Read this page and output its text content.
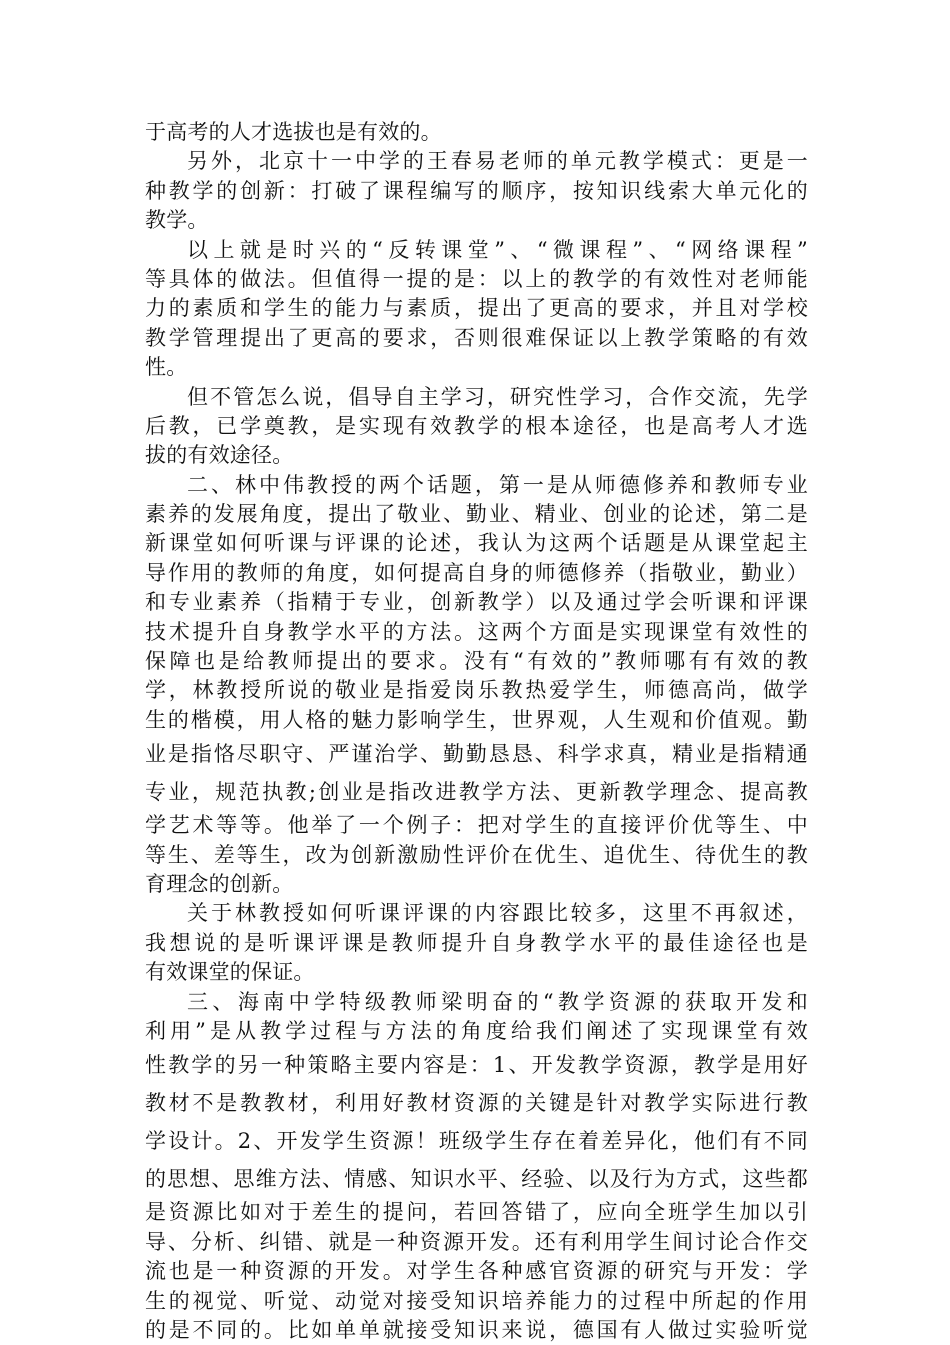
于高考的人才选拔也是有效的。
另外，北京十一中学的王春易老师的单元教学模式：更是一
种教学的创新：打破了课程编写的顺序，按知识线索大单元化的
教学。
以上就是时兴的“反转课堂”、“微课程”、“网络课程”
等具体的做法。但值得一提的是：以上的教学的有效性对老师能
力的素质和学生的能力与素质，提出了更高的要求，并且对学校
教学管理提出了更高的要求，否则很难保证以上教学策略的有效
性。
但不管怎么说，倡导自主学习，研究性学习，合作交流，先学
后教，已学奠教，是实现有效教学的根本途径，也是高考人才选
拔的有效途径。
二、林中伟教授的两个话题，第一是从师德修养和教师专业
素养的发展角度，提出了敬业、勤业、精业、创业的论述，第二是
新课堂如何听课与评课的论述，我认为这两个话题是从课堂起主
导作用的教师的角度，如何提高自身的师德修养（指敬业，勤业）
和专业素养（指精于专业，创新教学）以及通过学会听课和评课
技术提升自身教学水平的方法。这两个方面是实现课堂有效性的
保障也是给教师提出的要求。没有“有效的”教师哪有有效的教
学，林教授所说的敬业是指爱岗乐教热爱学生，师德高尚，做学
生的楷模，用人格的魅力影响学生，世界观，人生观和价值观。勤
业是指恪尽职守、严谨治学、勤勤恳恳、科学求真，精业是指精通
专业，规范执教;创业是指改进教学方法、更新教学理念、提高教
学艺术等等。他举了一个例子：把对学生的直接评价优等生、中
等生、差等生，改为创新激励性评价在优生、追优生、待优生的教
育理念的创新。
关于林教授如何听课评课的内容跟比较多，这里不再叙述，
我想说的是听课评课是教师提升自身教学水平的最佳途径也是
有效课堂的保证。
三、海南中学特级教师梁明奋的“教学资源的获取开发和
利用”是从教学过程与方法的角度给我们阐述了实现课堂有效
性教学的另一种策略主要内容是：1、开发教学资源，教学是用好
教材不是教教材，利用好教材资源的关键是针对教学实际进行教
学设计。2、开发学生资源！班级学生存在着差异化，他们有不同
的思想、思维方法、情感、知识水平、经验、以及行为方式，这些都
是资源比如对于差生的提问，若回答错了，应向全班学生加以引
导、分析、纠错、就是一种资源开发。还有利用学生间讨论合作交
流也是一种资源的开发。对学生各种感官资源的研究与开发：学
生的视觉、听觉、动觉对接受知识培养能力的过程中所起的作用
的是不同的。比如单单就接受知识来说，德国有人做过实验听觉
